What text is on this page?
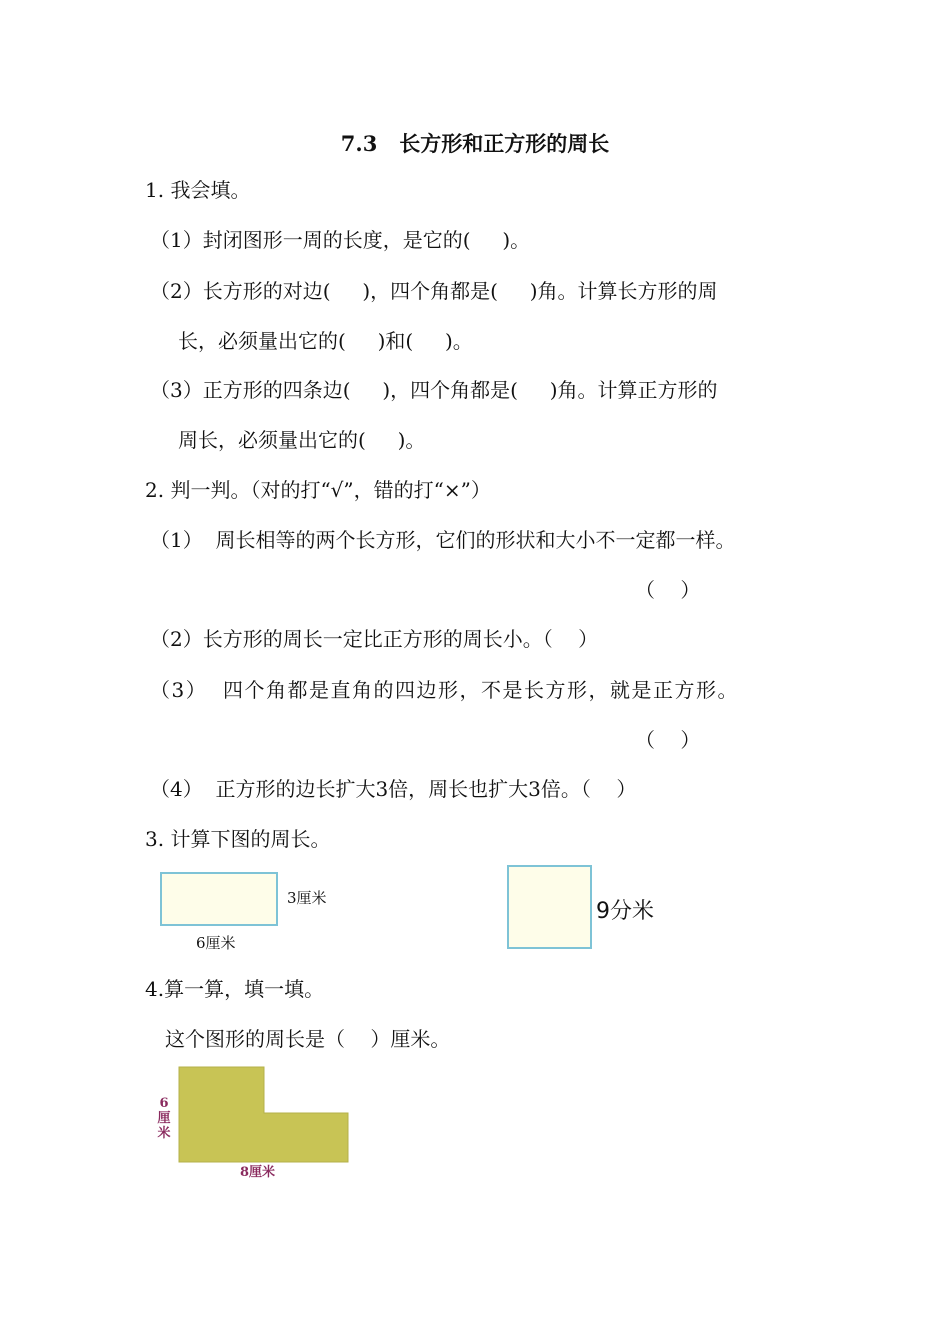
7.3   长方形和正方形的周长
1. 我会填。
（1）封闭图形一周的长度，是它的(     )。
（2）长方形的对边(     )，四个角都是(     )角。计算长方形的周
长，必须量出它的(     )和(     )。
（3）正方形的四条边(     )，四个角都是(     )角。计算正方形的
周长，必须量出它的(     )。
2. 判一判。（对的打“√”，错的打“×”）
（1）  周长相等的两个长方形，它们的形状和大小不一定都一样。
（    ）
（2）长方形的周长一定比正方形的周长小。（    ）
（3）  四个角都是直角的四边形，不是长方形，就是正方形。
（    ）
（4）  正方形的边长扩大3倍，周长也扩大3倍。（    ）
3. 计算下图的周长。
3厘米
6厘米
9分米
4.算一算，填一填。
这个图形的周长是（    ）厘米。
6
厘
米
8厘米
